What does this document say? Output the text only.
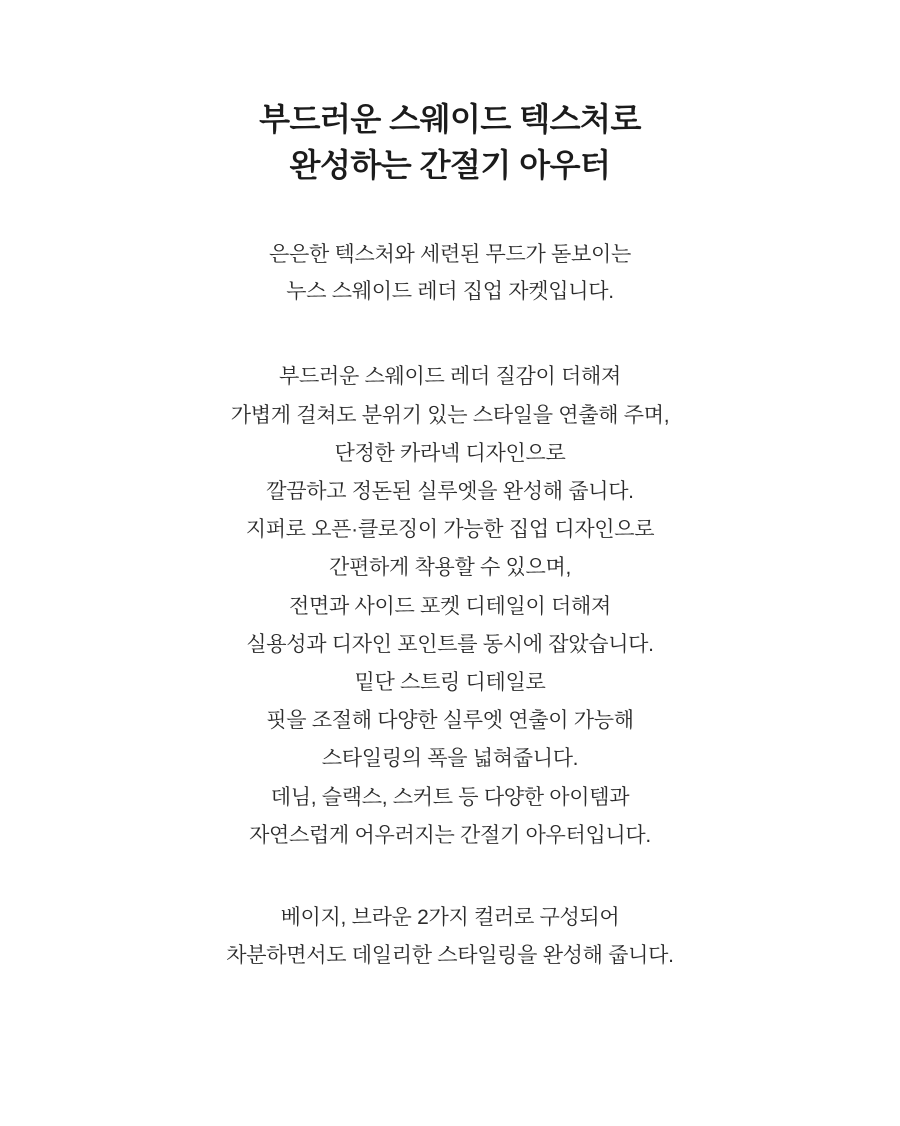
부드러운 스웨이드 텍스처로
완성하는 간절기 아우터
은은한 텍스처와 세련된 무드가 돋보이는
누스 스웨이드 레더 집업 자켓입니다.
부드러운 스웨이드 레더 질감이 더해져
가볍게 걸쳐도 분위기 있는 스타일을 연출해 주며,
단정한 카라넥 디자인으로
깔끔하고 정돈된 실루엣을 완성해 줍니다.
지퍼로 오픈·클로징이 가능한 집업 디자인으로
간편하게 착용할 수 있으며,
전면과 사이드 포켓 디테일이 더해져
실용성과 디자인 포인트를 동시에 잡았습니다.
밑단 스트링 디테일로
핏을 조절해 다양한 실루엣 연출이 가능해
스타일링의 폭을 넓혀줍니다.
데님, 슬랙스, 스커트 등 다양한 아이템과
자연스럽게 어우러지는 간절기 아우터입니다.
베이지, 브라운 2가지 컬러로 구성되어
차분하면서도 데일리한 스타일링을 완성해 줍니다.
